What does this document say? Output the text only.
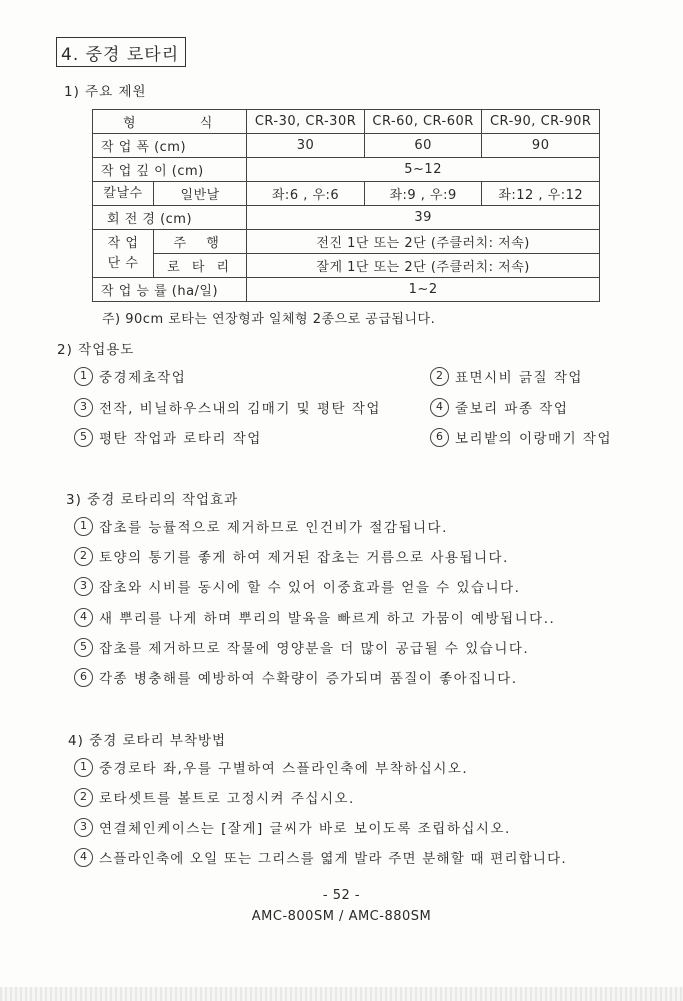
4. 중경 로타리
1) 주요 제원
형 식		CR-30, CR-30R	CR-60, CR-60R	CR-90, CR-90R
작 업 폭 (cm)		30	60	90
작 업 깊 이 (cm)		5~12		
칼날수	일반날	좌:6 , 우:6	좌:9 , 우:9	좌:12 , 우:12
회 전 경 (cm)		39		
작 업
단 수	주 행	전진 1단 또는 2단 (주클러치: 저속)		
	로 타 리	잘게 1단 또는 2단 (주클러치: 저속)		
작 업 능 률 (ha/일)		1~2		
주) 90cm 로타는 연장형과 일체형 2종으로 공급됩니다.
2) 작업용도
1 중경제초작업	2 표면시비 긁질 작업
3 전작, 비닐하우스내의 김매기 및 평탄 작업	4 줄보리 파종 작업
5 평탄 작업과 로타리 작업	6 보리밭의 이랑매기 작업
3) 중경 로타리의 작업효과
1 잡초를 능률적으로 제거하므로 인건비가 절감됩니다.
2 토양의 통기를 좋게 하여 제거된 잡초는 거름으로 사용됩니다.
3 잡초와 시비를 동시에 할 수 있어 이중효과를 얻을 수 있습니다.
4 새 뿌리를 나게 하며 뿌리의 발육을 빠르게 하고 가뭄이 예방됩니다..
5 잡초를 제거하므로 작물에 영양분을 더 많이 공급될 수 있습니다.
6 각종 병충해를 예방하여 수확량이 증가되며 품질이 좋아집니다.
4) 중경 로타리 부착방법
1 중경로타 좌,우를 구별하여 스플라인축에 부착하십시오.
2 로타셋트를 볼트로 고정시켜 주십시오.
3 연결체인케이스는 [잘게] 글씨가 바로 보이도록 조립하십시오.
4 스플라인축에 오일 또는 그리스를 엷게 발라 주면 분해할 때 편리합니다.
- 52 -
AMC-800SM / AMC-880SM
